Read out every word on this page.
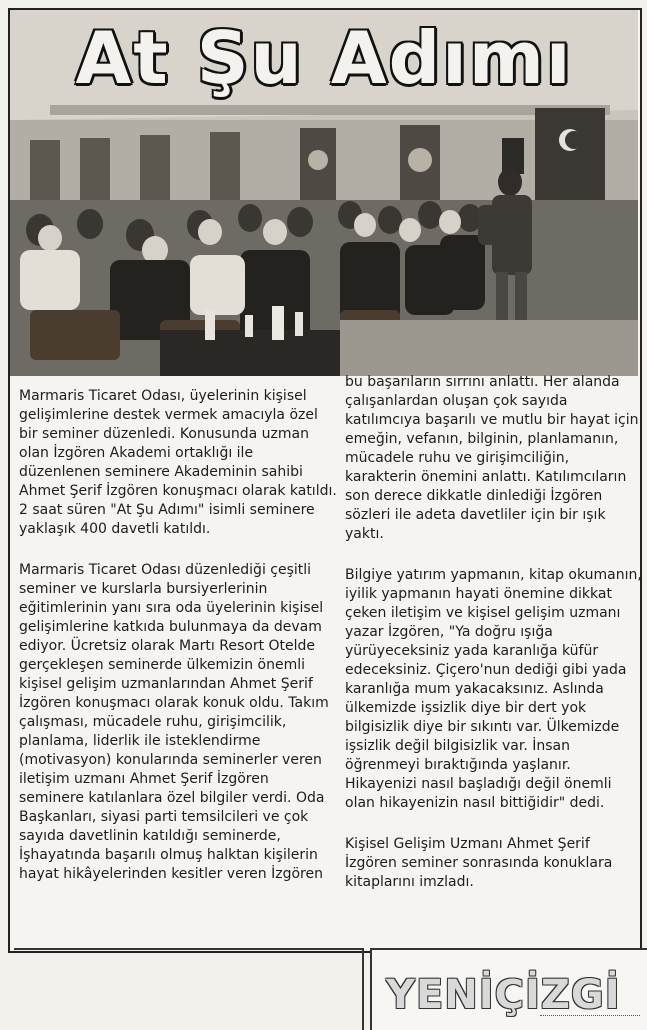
At Şu Adımı

Marmaris Ticaret Odası, üyelerinin kişisel gelişimlerine destek vermek amacıyla özel bir seminer düzenledi. Konusunda uzman olan İzgören Akademi ortaklığı ile düzenlenen seminere Akademinin sahibi Ahmet Şerif İzgören konuşmacı olarak katıldı. 2 saat süren "At Şu Adımı" isimli seminere yaklaşık 400 davetli katıldı.

Marmaris Ticaret Odası düzenlediği çeşitli seminer ve kurslarla bursiyerlerinin eğitimlerinin yanı sıra oda üyelerinin kişisel gelişimlerine katkıda bulunmaya da devam ediyor. Ücretsiz olarak Martı Resort Otelde gerçekleşen seminerde ülkemizin önemli kişisel gelişim uzmanlarından Ahmet Şerif İzgören konuşmacı olarak konuk oldu. Takım çalışması, mücadele ruhu, girişimcilik, planlama, liderlik ile isteklendirme (motivasyon) konularında seminerler veren iletişim uzmanı Ahmet Şerif İzgören seminere katılanlara özel bilgiler verdi. Oda Başkanları, siyasi parti temsilcileri ve çok sayıda davetlinin katıldığı seminerde, İşhayatında başarılı olmuş halktan kişilerin hayat hikâyelerinden kesitler veren İzgören

bu başarıların sırrını anlattı. Her alanda çalışanlardan oluşan çok sayıda katılımcıya başarılı ve mutlu bir hayat için emeğin, vefanın, bilginin, planlamanın, mücadele ruhu ve girişimciliğin, karakterin önemini anlattı. Katılımcıların son derece dikkatle dinlediği İzgören sözleri ile adeta davetliler için bir ışık yaktı.

Bilgiye yatırım yapmanın, kitap okumanın, iyilik yapmanın hayati önemine dikkat çeken iletişim ve kişisel gelişim uzmanı yazar İzgören, "Ya doğru ışığa yürüyeceksiniz yada karanlığa küfür edeceksiniz. Çiçero'nun dediği gibi yada karanlığa mum yakacaksınız. Aslında ülkemizde işsizlik diye bir dert yok bilgisizlik diye bir sıkıntı var. Ülkemizde işsizlik değil bilgisizlik var. İnsan öğrenmeyi bıraktığında yaşlanır. Hikayenizi nasıl başladığı değil önemli olan hikayenizin nasıl bittiğidir" dedi.

Kişisel Gelişim Uzmanı Ahmet Şerif İzgören seminer sonrasında konuklara kitaplarını imzladı.

YENİÇİZGİ
